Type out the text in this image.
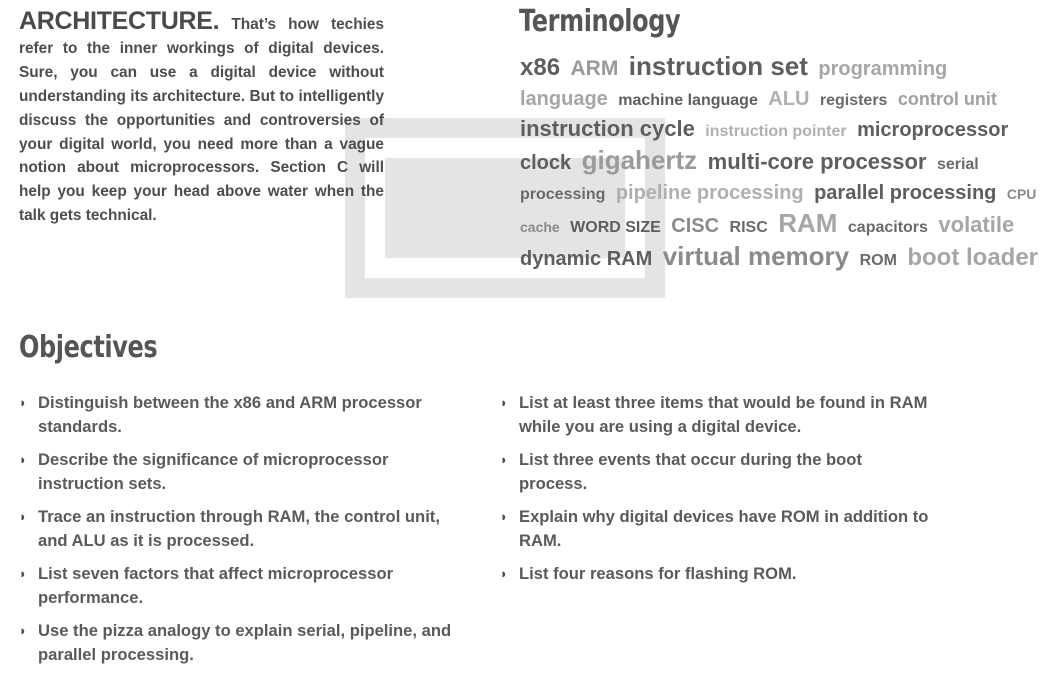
ARCHITECTURE. That’s how techies refer to the inner workings of digital devices. Sure, you can use a digital device without understanding its architecture. But to intelligently discuss the opportunities and controversies of your digital world, you need more than a vague notion about microprocessors. Section C will help you keep your head above water when the talk gets technical.
Terminology
x86 ARM instruction set programming language machine language ALU registers control unit instruction cycle instruction pointer microprocessor clock gigahertz multi-core processor serial processing pipeline processing parallel processing CPU cache WORD SIZE CISC RISC RAM capacitors volatile dynamic RAM virtual memory ROM boot loader
Objectives
◗ Distinguish between the x86 and ARM processor standards.
◗ Describe the significance of microprocessor instruction sets.
◗ Trace an instruction through RAM, the control unit, and ALU as it is processed.
◗ List seven factors that affect microprocessor performance.
◗ Use the pizza analogy to explain serial, pipeline, and parallel processing.
◗ List at least three items that would be found in RAM while you are using a digital device.
◗ List three events that occur during the boot process.
◗ Explain why digital devices have ROM in addition to RAM.
◗ List four reasons for flashing ROM.
